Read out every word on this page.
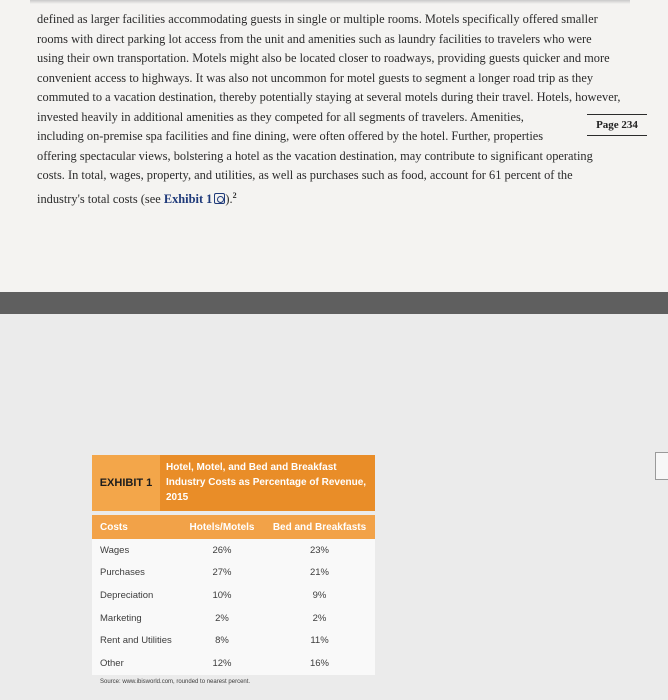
defined as larger facilities accommodating guests in single or multiple rooms. Motels specifically offered smaller
rooms with direct parking lot access from the unit and amenities such as laundry facilities to travelers who were
using their own transportation. Motels might also be located closer to roadways, providing guests quicker and more
convenient access to highways. It was also not uncommon for motel guests to segment a longer road trip as they
commuted to a vacation destination, thereby potentially staying at several motels during their travel. Hotels, however,
invested heavily in additional amenities as they competed for all segments of travelers. Amenities,
including on-premise spa facilities and fine dining, were often offered by the hotel. Further, properties
offering spectacular views, bolstering a hotel as the vacation destination, may contribute to significant operating
costs. In total, wages, property, and utilities, as well as purchases such as food, account for 61 percent of the
industry's total costs (see Exhibit 1 ).$^2$
Page 234
EXHIBIT 1
Hotel, Motel, and Bed and Breakfast Industry Costs as Percentage of Revenue, 2015
Costs	Hotels/Motels	Bed and Breakfasts
Wages	26%	23%
Purchases	27%	21%
Depreciation	10%	9%
Marketing	2%	2%
Rent and Utilities	8%	11%
Other	12%	16%
Source: www.ibisworld.com, rounded to nearest percent.
